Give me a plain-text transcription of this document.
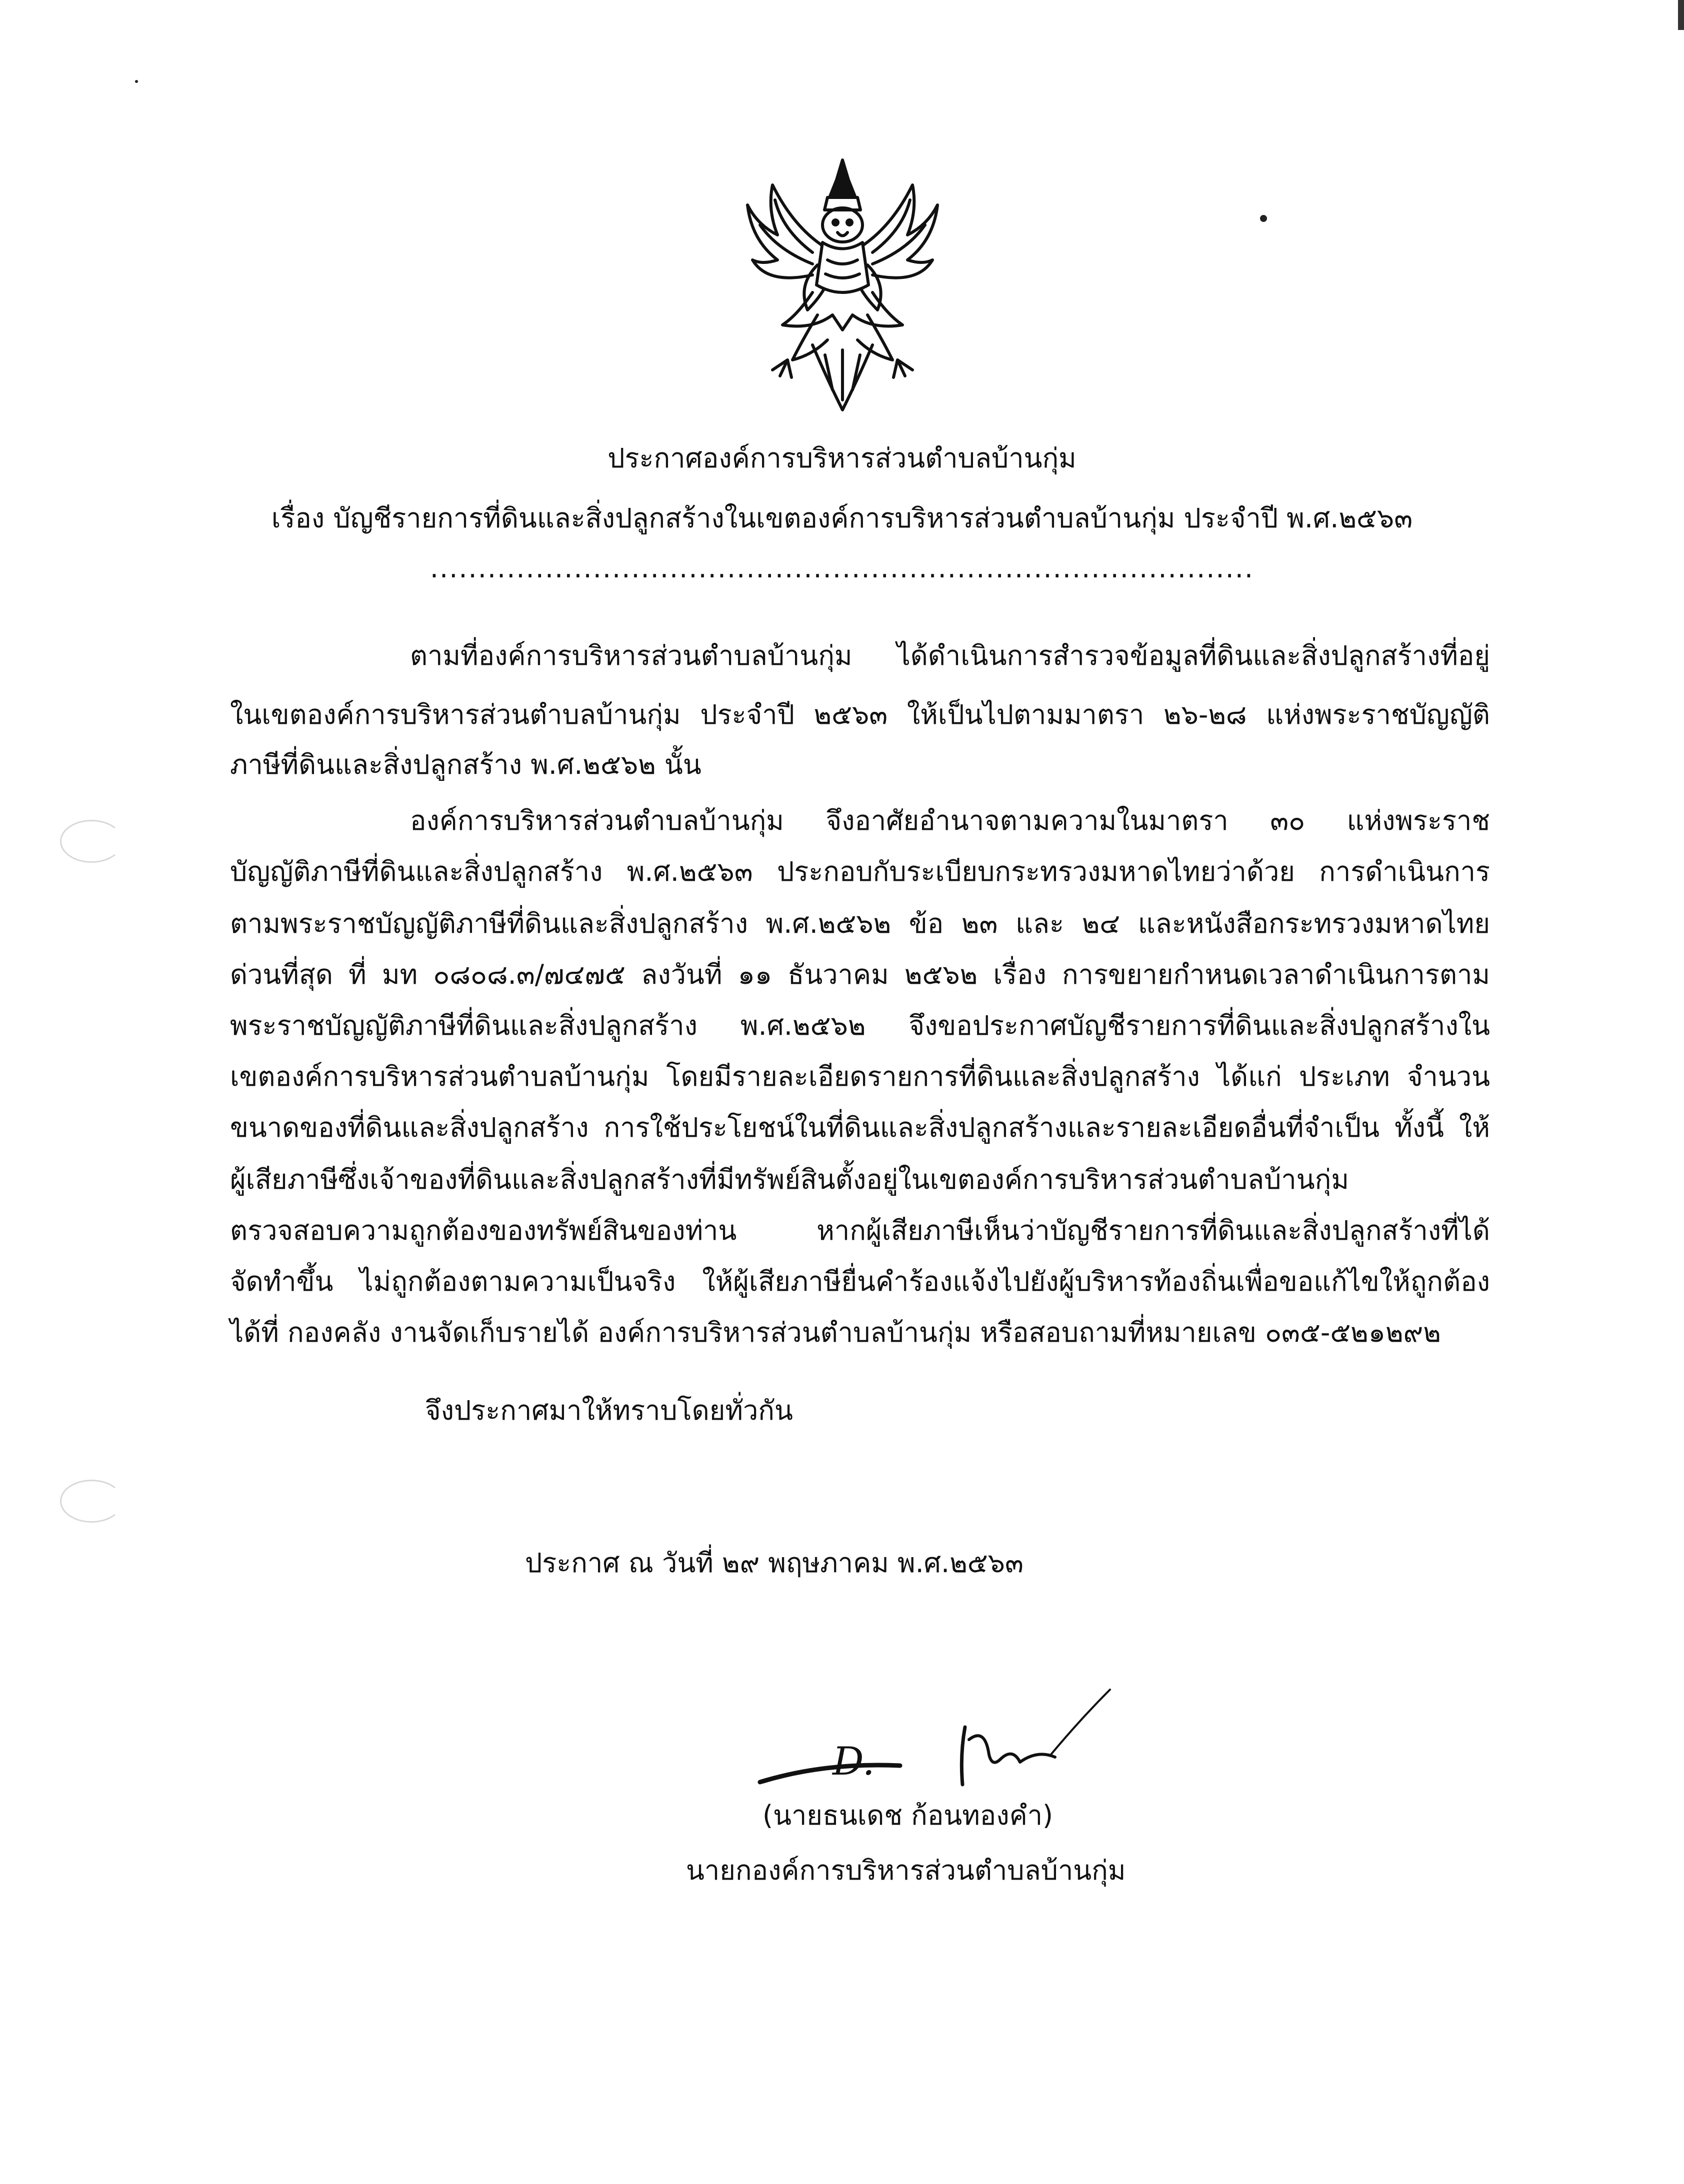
ประกาศองค์การบริหารส่วนตำบลบ้านกุ่ม
เรื่อง บัญชีรายการที่ดินและสิ่งปลูกสร้างในเขตองค์การบริหารส่วนตำบลบ้านกุ่ม ประจำปี พ.ศ.๒๕๖๓
......................................................................................
ตามที่องค์การบริหารส่วนตำบลบ้านกุ่ม ได้ดำเนินการสำรวจข้อมูลที่ดินและสิ่งปลูกสร้างที่อยู่
ในเขตองค์การบริหารส่วนตำบลบ้านกุ่ม ประจำปี ๒๕๖๓ ให้เป็นไปตามมาตรา ๒๖-๒๘ แห่งพระราชบัญญัติ
ภาษีที่ดินและสิ่งปลูกสร้าง พ.ศ.๒๕๖๒ นั้น
องค์การบริหารส่วนตำบลบ้านกุ่ม จึงอาศัยอำนาจตามความในมาตรา ๓๐ แห่งพระราช
บัญญัติภาษีที่ดินและสิ่งปลูกสร้าง พ.ศ.๒๕๖๓ ประกอบกับระเบียบกระทรวงมหาดไทยว่าด้วย การดำเนินการ
ตามพระราชบัญญัติภาษีที่ดินและสิ่งปลูกสร้าง พ.ศ.๒๕๖๒ ข้อ ๒๓ และ ๒๔ และหนังสือกระทรวงมหาดไทย
ด่วนที่สุด ที่ มท ๐๘๐๘.๓/๗๔๗๕ ลงวันที่ ๑๑ ธันวาคม ๒๕๖๒ เรื่อง การขยายกำหนดเวลาดำเนินการตาม
พระราชบัญญัติภาษีที่ดินและสิ่งปลูกสร้าง พ.ศ.๒๕๖๒ จึงขอประกาศบัญชีรายการที่ดินและสิ่งปลูกสร้างใน
เขตองค์การบริหารส่วนตำบลบ้านกุ่ม โดยมีรายละเอียดรายการที่ดินและสิ่งปลูกสร้าง ได้แก่ ประเภท จำนวน
ขนาดของที่ดินและสิ่งปลูกสร้าง การใช้ประโยชน์ในที่ดินและสิ่งปลูกสร้างและรายละเอียดอื่นที่จำเป็น ทั้งนี้ ให้
ผู้เสียภาษีซึ่งเจ้าของที่ดินและสิ่งปลูกสร้างที่มีทรัพย์สินตั้งอยู่ในเขตองค์การบริหารส่วนตำบลบ้านกุ่ม
ตรวจสอบความถูกต้องของทรัพย์สินของท่าน หากผู้เสียภาษีเห็นว่าบัญชีรายการที่ดินและสิ่งปลูกสร้างที่ได้
จัดทำขึ้น ไม่ถูกต้องตามความเป็นจริง ให้ผู้เสียภาษียื่นคำร้องแจ้งไปยังผู้บริหารท้องถิ่นเพื่อขอแก้ไขให้ถูกต้อง
ได้ที่ กองคลัง งานจัดเก็บรายได้ องค์การบริหารส่วนตำบลบ้านกุ่ม หรือสอบถามที่หมายเลข ๐๓๕-๕๒๑๒๙๒
จึงประกาศมาให้ทราบโดยทั่วกัน
ประกาศ ณ วันที่ ๒๙ พฤษภาคม พ.ศ.๒๕๖๓
D.
(นายธนเดช ก้อนทองคำ)
นายกองค์การบริหารส่วนตำบลบ้านกุ่ม
